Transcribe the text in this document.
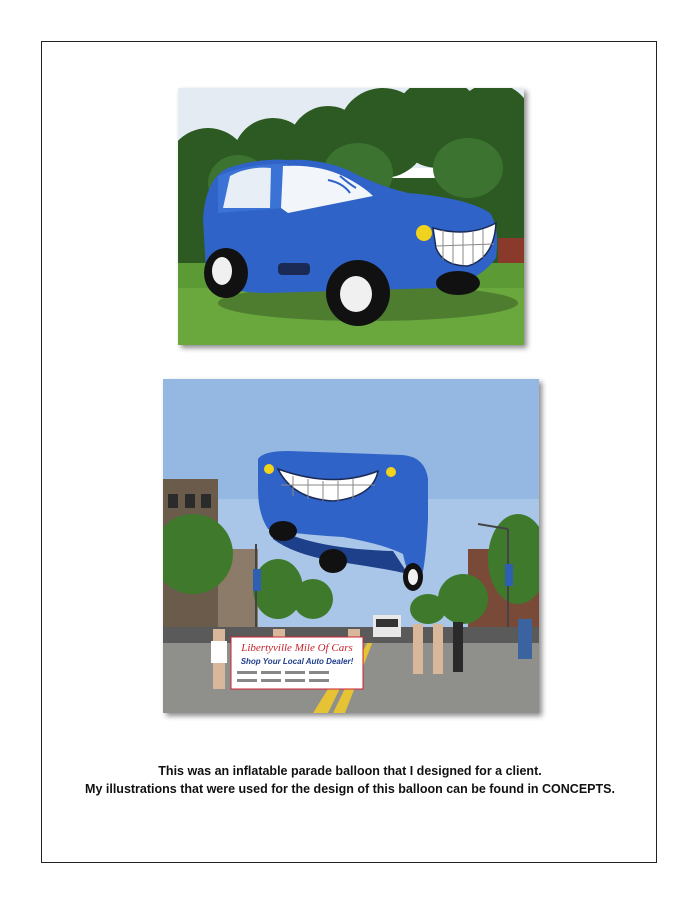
Libertyville Mile Of Cars
Shop Your Local Auto Dealer!
This was an inflatable parade balloon that I designed for a client.
My illustrations that were used for the design of this balloon can be found in CONCEPTS.
